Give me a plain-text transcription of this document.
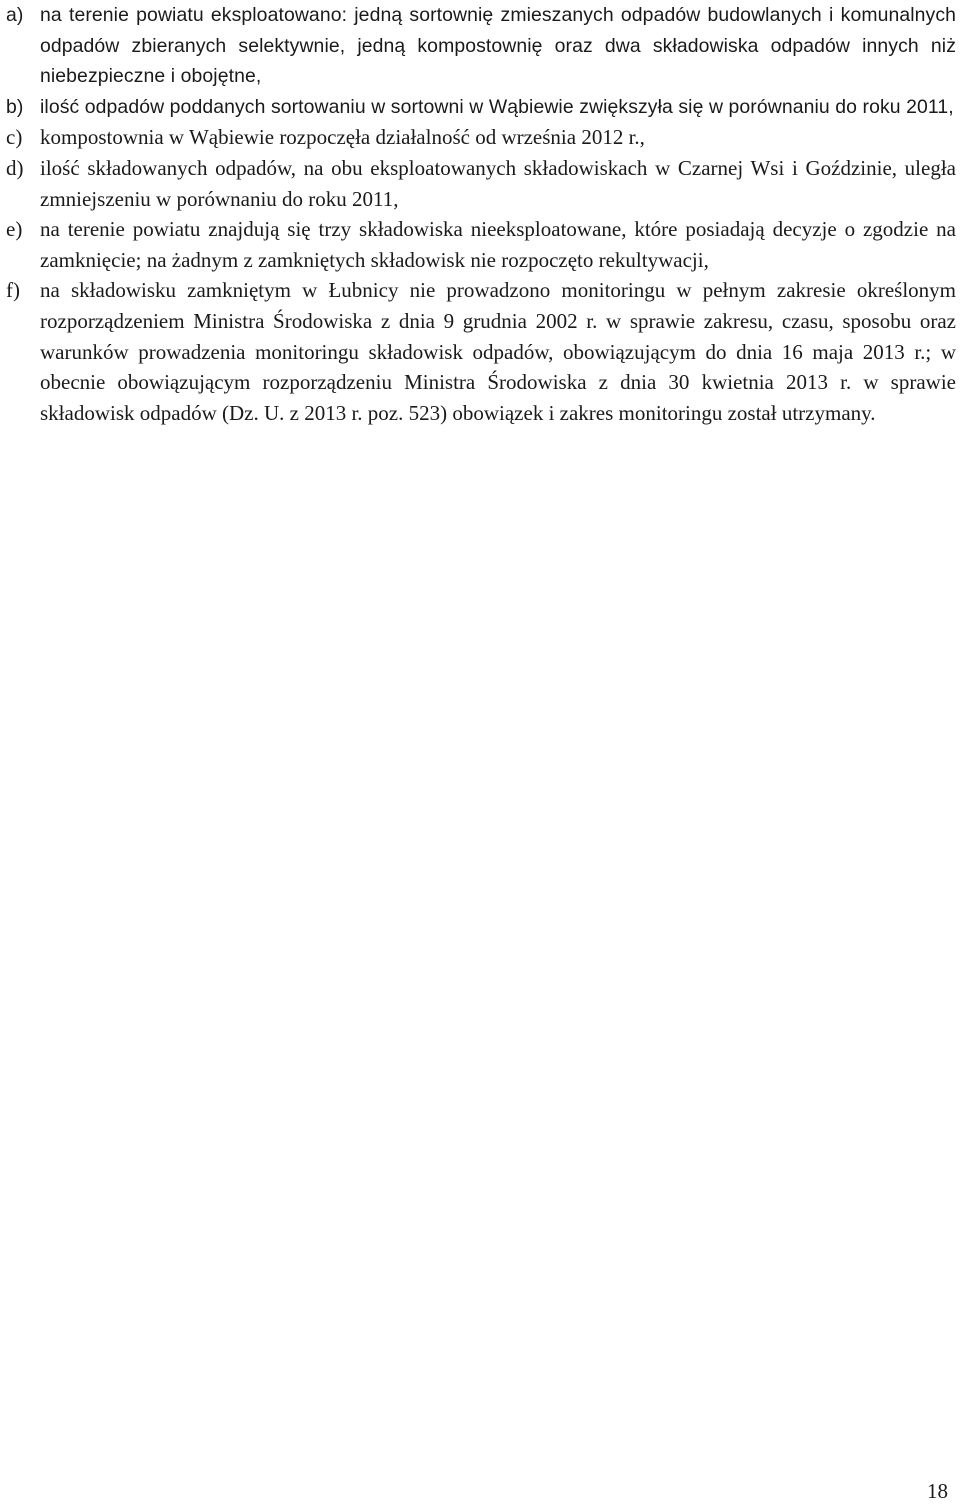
a) na terenie powiatu eksploatowano: jedną sortownię zmieszanych odpadów budowlanych i komunalnych odpadów zbieranych selektywnie, jedną kompostownię oraz dwa składowiska odpadów innych niż niebezpieczne i obojętne,
b) ilość odpadów poddanych sortowaniu w sortowni w Wąbiewie zwiększyła się w porównaniu do roku 2011,
c) kompostownia w Wąbiewie rozpoczęła działalność od września 2012 r.,
d) ilość składowanych odpadów, na obu eksploatowanych składowiskach w Czarnej Wsi i Goździnie, uległa zmniejszeniu w porównaniu do roku 2011,
e) na terenie powiatu znajdują się trzy składowiska nieeksploatowane, które posiadają decyzje o zgodzie na zamknięcie; na żadnym z zamkniętych składowisk nie rozpoczęto rekultywacji,
f) na składowisku zamkniętym w Łubnicy nie prowadzono monitoringu w pełnym zakresie określonym rozporządzeniem Ministra Środowiska z dnia 9 grudnia 2002 r. w sprawie zakresu, czasu, sposobu oraz warunków prowadzenia monitoringu składowisk odpadów, obowiązującym do dnia 16 maja 2013 r.; w obecnie obowiązującym rozporządzeniu Ministra Środowiska z dnia 30 kwietnia 2013 r. w sprawie składowisk odpadów (Dz. U. z 2013 r. poz. 523) obowiązek i zakres monitoringu został utrzymany.
18
